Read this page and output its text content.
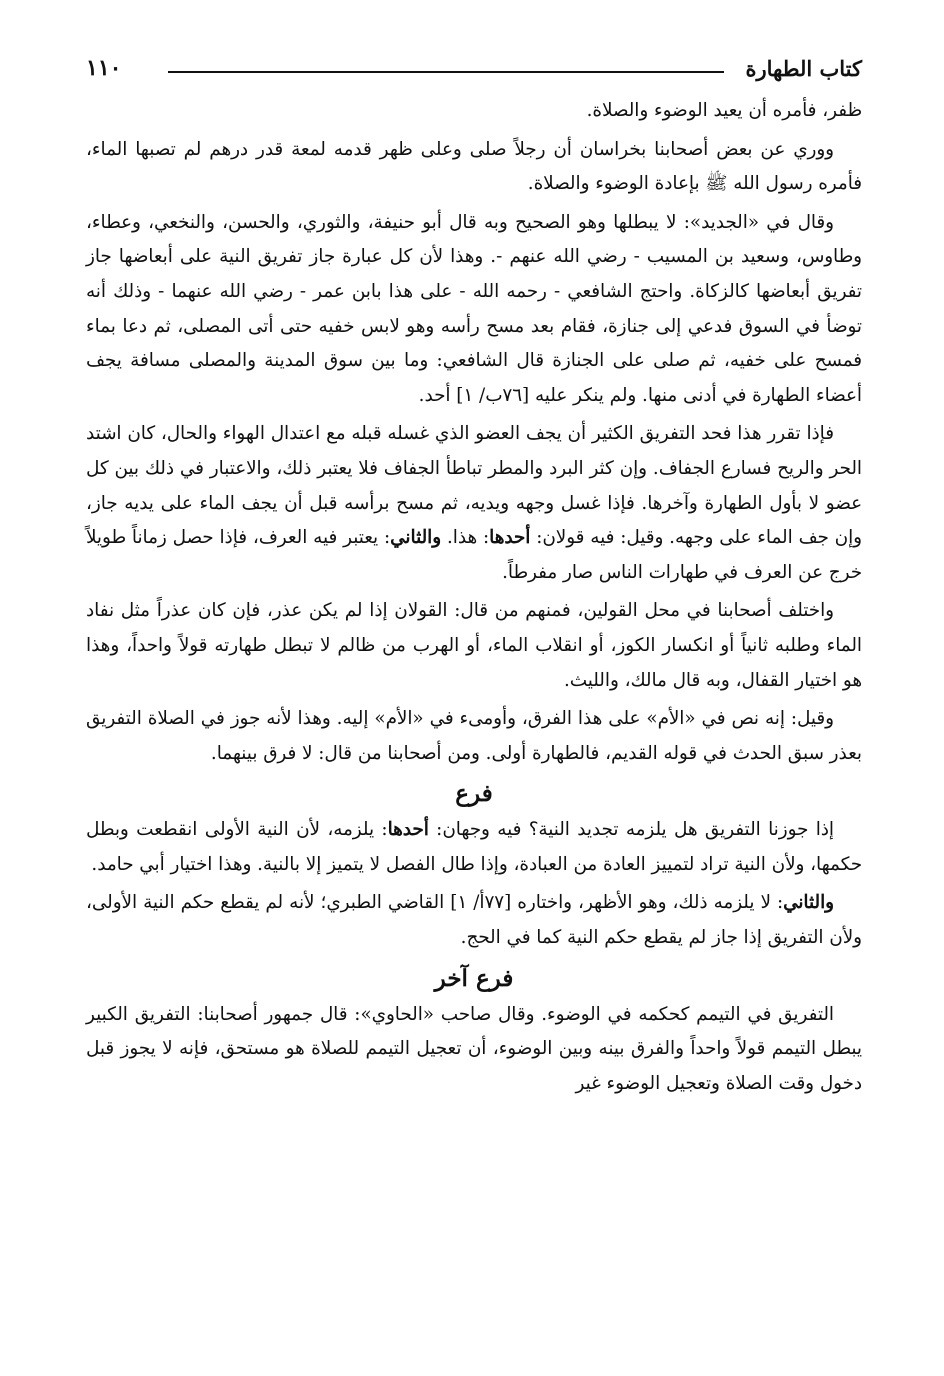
١١٠	كتاب الطهارة

ظفر، فأمره أن يعيد الوضوء والصلاة.

ووري عن بعض أصحابنا بخراسان أن رجلاً صلى وعلى ظهر قدمه لمعة قدر درهم لم تصبها الماء، فأمره رسول الله ﷺ بإعادة الوضوء والصلاة.

وقال في «الجديد»: لا يبطلها وهو الصحيح وبه قال أبو حنيفة، والثوري، والحسن، والنخعي، وعطاء، وطاوس، وسعيد بن المسيب - رضي الله عنهم -. وهذا لأن كل عبارة جاز تفريق النية على أبعاضها جاز تفريق أبعاضها كالزكاة. واحتج الشافعي - رحمه الله - على هذا بابن عمر - رضي الله عنهما - وذلك أنه توضأ في السوق فدعي إلى جنازة، فقام بعد مسح رأسه وهو لابس خفيه حتى أتى المصلى، ثم دعا بماء فمسح على خفيه، ثم صلى على الجنازة قال الشافعي: وما بين سوق المدينة والمصلى مسافة يجف أعضاء الطهارة في أدنى منها. ولم ينكر عليه [٧٦ب/ ١] أحد.

فإذا تقرر هذا فحد التفريق الكثير أن يجف العضو الذي غسله قبله مع اعتدال الهواء والحال، كان اشتد الحر والريح فسارع الجفاف. وإن كثر البرد والمطر تباطأ الجفاف فلا يعتبر ذلك، والاعتبار في ذلك بين كل عضو لا بأول الطهارة وآخرها. فإذا غسل وجهه ويديه، ثم مسح برأسه قبل أن يجف الماء على يديه جاز، وإن جف الماء على وجهه. وقيل: فيه قولان: أحدها: هذا. والثاني: يعتبر فيه العرف، فإذا حصل زماناً طويلاً خرج عن العرف في طهارات الناس صار مفرطاً.

واختلف أصحابنا في محل القولين، فمنهم من قال: القولان إذا لم يكن عذر، فإن كان عذراً مثل نفاد الماء وطلبه ثانياً أو انكسار الكوز، أو انقلاب الماء، أو الهرب من ظالم لا تبطل طهارته قولاً واحداً، وهذا هو اختيار القفال، وبه قال مالك، والليث.

وقيل: إنه نص في «الأم» على هذا الفرق، وأومىء في «الأم» إليه. وهذا لأنه جوز في الصلاة التفريق بعذر سبق الحدث في قوله القديم، فالطهارة أولى. ومن أصحابنا من قال: لا فرق بينهما.

فرع

إذا جوزنا التفريق هل يلزمه تجديد النية؟ فيه وجهان: أحدها: يلزمه، لأن النية الأولى انقطعت وبطل حكمها، ولأن النية تراد لتمييز العادة من العبادة، وإذا طال الفصل لا يتميز إلا بالنية. وهذا اختيار أبي حامد.

والثاني: لا يلزمه ذلك، وهو الأظهر، واختاره [٧٧أ/ ١] القاضي الطبري؛ لأنه لم يقطع حكم النية الأولى، ولأن التفريق إذا جاز لم يقطع حكم النية كما في الحج.

فرع آخر

التفريق في التيمم كحكمه في الوضوء. وقال صاحب «الحاوي»: قال جمهور أصحابنا: التفريق الكبير يبطل التيمم قولاً واحداً والفرق بينه وبين الوضوء، أن تعجيل التيمم للصلاة هو مستحق، فإنه لا يجوز قبل دخول وقت الصلاة وتعجيل الوضوء غير
